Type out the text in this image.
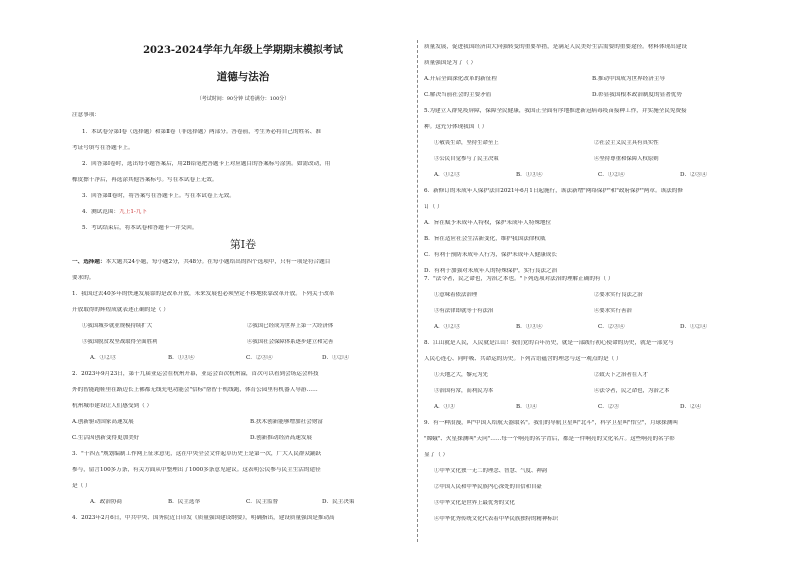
2023-2024学年九年级上学期期末模拟考试
道德与法治
（考试时间：90分钟 试卷满分：100分）
注意事项：
1．本试卷分第Ⅰ卷（选择题）和第Ⅱ卷（非选择题）两部分。答卷前，考生务必将自己的姓名、准
考证号填写在答题卡上。
2．回答第Ⅰ卷时，选出每小题答案后，用2B铅笔把答题卡上对应题目的答案标号涂黑。如需改动，用
橡皮擦干净后，再选涂其他答案标号。写在本试卷上无效。
3．回答第Ⅱ卷时，将答案写在答题卡上。写在本试卷上无效。
4．测试范围：九上1-九下
5．考试结束后，将本试卷和答题卡一并交回。
第Ⅰ卷
一、选择题：本大题共24小题，每小题2分，共48分。在每小题给出的四个选项中，只有一项是符合题目
要求的。
1．我国过去40多年的快速发展靠的是改革开放，未来发展也必须坚定不移地依靠改革开放。下列关于改革
开放取得的辉煌成就表述正确的是（ ）
①我国城乡就业规模持续扩大	②我国已经成为世界上第一大经济体
③我国脱贫攻坚战取得全面胜利	④我国社会保障体系逐步建立和完善
A．①②③	B．①③④	C．②③④	D．①②④
2．2023年9月23日，第十九届亚运会在杭州开幕，亚运会首次杭州溢，首次可以看到会场运会科技
外的智能跑鞋里在路边长上佛都无线充电功能会"信标"帮智于机线跑，体育公园里有机器人导游……
杭州城市建设让人们感受到（ ）
A.创新驱动国家高速发展	B.扶术创新能够增加社会财富
C.生活因创新变得更加美好	D.创新推动经济高速发展
3．"十四五"规划编制工作网上征求意见，这在中央全会文件起草历史上是第一次，广大人民群众踊跃
参与，留言100多万条，有关方面从中整理出了1000多条意见建议。这表明公民参与民主生活的途径
是（ ）
A．政治协商	B．民主选举	C．民主监督	D．民主决策
4．2023年2月6日，中共中央、国务院近日印发《质量强国建设纲要》，明确指出，建设质量强国是推动高
质量发展，促进我国经济由大向强转变的重要举措，是满足人民美好生活需要的重要途径。材料体现出建设
质量强国是为了（ ）
A.开启全面深化改革的新征程	B.推动中国成为世界经济主导
C.解决当前社会的主要矛盾	D.彰显我国根本政治制度的显著优势
5.为建立人群免疫屏障，保障全民健康，我国正全面有序地推进新冠病毒疫苗接种工作，并实施全民免费接
种。这充分体现我国（ ）
①敬畏生命，坚持生命至上	②社会主义民主具有真实性
③公民自觉参与了民主决策	④坚持尊重和保障人权原则
A．①②③	B．①③④	C．①②④	D．②③④
6．新修订的未成年人保护法自2021年6月1日起施行，该法新增"网络保护"和"政府保护"两章。该法的修
订（ ）
A．旨在赋予未成年人特权，保护未成年人特殊地位
B．旨在适应社会生活新变化，维护我国法律权威
C．有利于预防未成年人行为，保护未成年人健康成长
D．有利于加强对未成年人的特殊保护，实行良法之治
7．"法令者，民之命也，为治之本也。"下列选项对法治的理解正确的有（ ）
①意味着依法治理	②要求实行良法之治
③有法律即就等于有法治	④要求实行善治
A．①②③	B．①③④	C．②③④	D．①②④
8．江山就是人民，人民就是江山！我们党的百年历史，就是一部践行初心使命的历史，就是一部党与
人民心连心、同呼吸、共命运的历史。下列古语蕴含的理念与这一观点的是（ ）
①天地之大，黎元为先	②致天下之治者在人才
③治国有常，而利民为本	④法令者，民之命也，为治之本
A．①③	B．①④	C．②③	D．②④
9．有一种浪漫，叫"中国人给航天器取名"。我们的导航卫星叫"北斗"，科学卫星叫"悟空"，月球探测叫
"嫦娥"、火星探测叫"天问"……每一个响亮的名字背后，都是一件响亮的文化名片。这些响亮的名字彰
显了（ ）
①中华文化独一无二的理念、智慧、气度、神韵
②中国人民和中华民族内心深处的自信和自豪
③中华文化是世界上最优秀的文化
④中华优秀传统文化代表着中华民族独特的精神标识
